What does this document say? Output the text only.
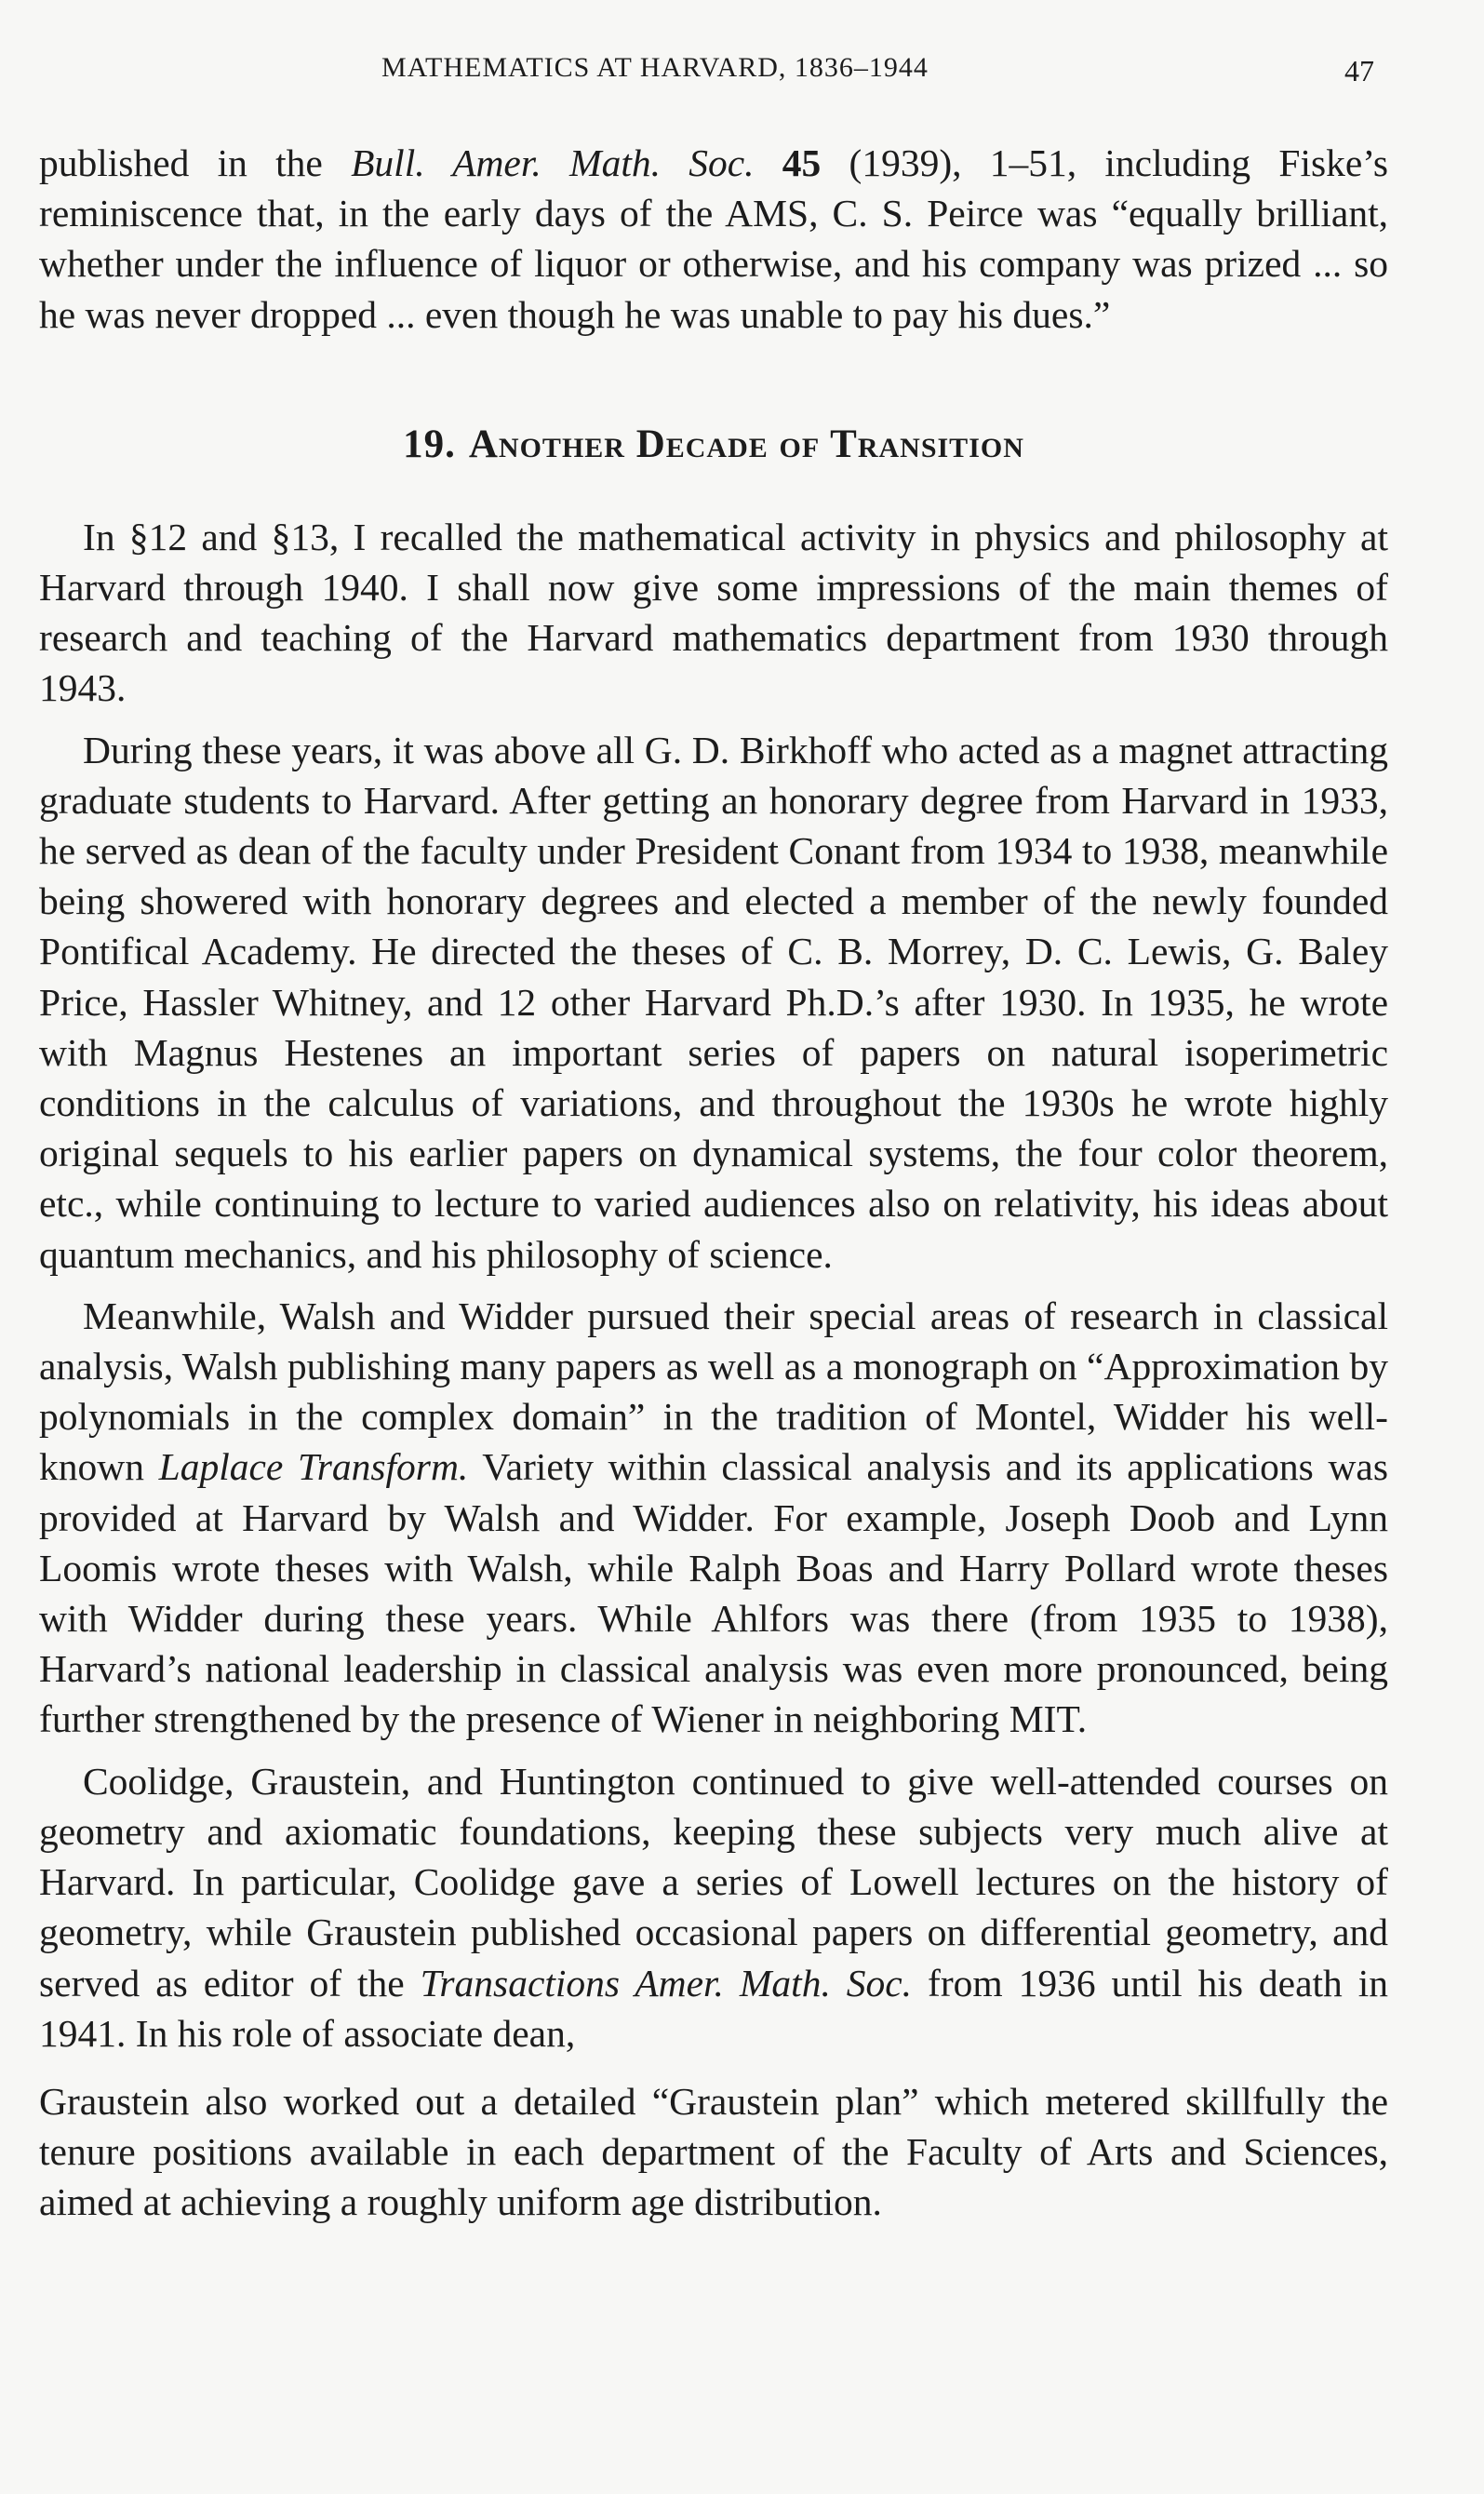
MATHEMATICS AT HARVARD, 1836–1944	47

published in the Bull. Amer. Math. Soc. 45 (1939), 1–51, including Fiske’s reminiscence that, in the early days of the AMS, C. S. Peirce was “equally brilliant, whether under the influence of liquor or otherwise, and his company was prized ... so he was never dropped ... even though he was unable to pay his dues.”

19. Another Decade of Transition

In §12 and §13, I recalled the mathematical activity in physics and philosophy at Harvard through 1940. I shall now give some impressions of the main themes of research and teaching of the Harvard mathematics department from 1930 through 1943.

During these years, it was above all G. D. Birkhoff who acted as a magnet attracting graduate students to Harvard. After getting an honorary degree from Harvard in 1933, he served as dean of the faculty under President Conant from 1934 to 1938, meanwhile being showered with honorary degrees and elected a member of the newly founded Pontifical Academy. He directed the theses of C. B. Morrey, D. C. Lewis, G. Baley Price, Hassler Whitney, and 12 other Harvard Ph.D.’s after 1930. In 1935, he wrote with Magnus Hestenes an important series of papers on natural isoperimetric conditions in the calculus of variations, and throughout the 1930s he wrote highly original sequels to his earlier papers on dynamical systems, the four color theorem, etc., while continuing to lecture to varied audiences also on relativity, his ideas about quantum mechanics, and his philosophy of science.

Meanwhile, Walsh and Widder pursued their special areas of research in classical analysis, Walsh publishing many papers as well as a monograph on “Approximation by polynomials in the complex domain” in the tradition of Montel, Widder his well-known Laplace Transform. Variety within classical analysis and its applications was provided at Harvard by Walsh and Widder. For example, Joseph Doob and Lynn Loomis wrote theses with Walsh, while Ralph Boas and Harry Pollard wrote theses with Widder during these years. While Ahlfors was there (from 1935 to 1938), Harvard’s national leadership in classical analysis was even more pronounced, being further strengthened by the presence of Wiener in neighboring MIT.

Coolidge, Graustein, and Huntington continued to give well-attended courses on geometry and axiomatic foundations, keeping these subjects very much alive at Harvard. In particular, Coolidge gave a series of Lowell lectures on the history of geometry, while Graustein published occasional papers on differential geometry, and served as editor of the Transactions Amer. Math. Soc. from 1936 until his death in 1941. In his role of associate dean,

Graustein also worked out a detailed “Graustein plan” which metered skillfully the tenure positions available in each department of the Faculty of Arts and Sciences, aimed at achieving a roughly uniform age distribution.
